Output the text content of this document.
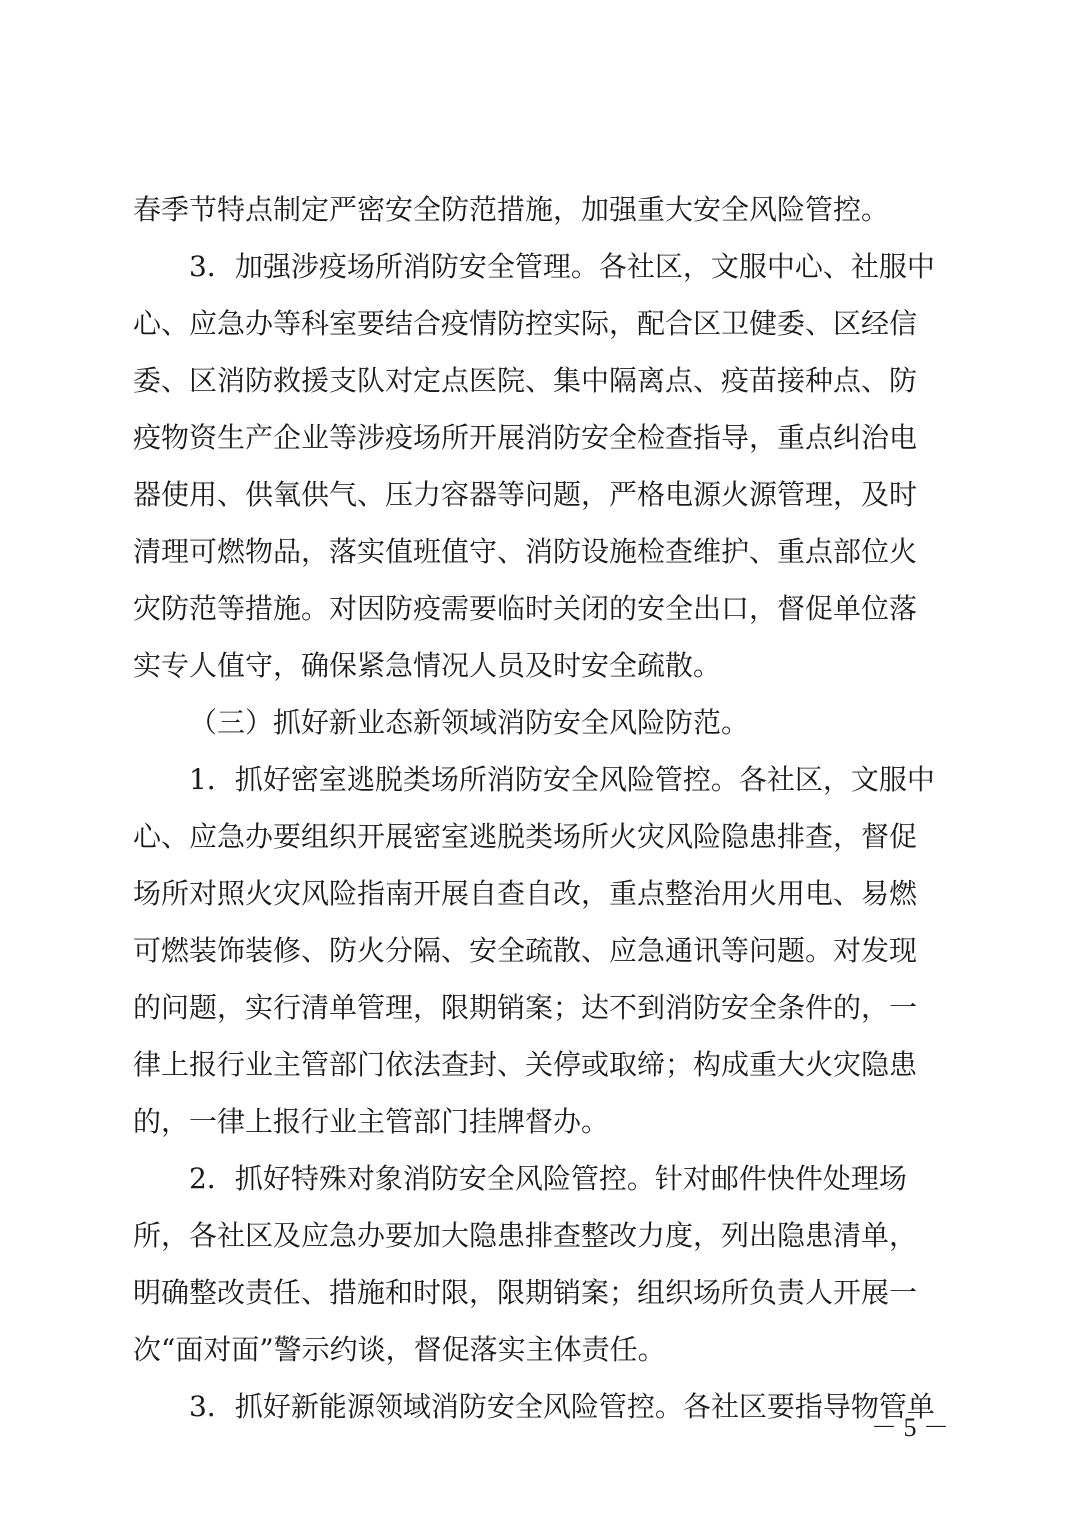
春季节特点制定严密安全防范措施，加强重大安全风险管控。
3．加强涉疫场所消防安全管理。各社区，文服中心、社服中
心、应急办等科室要结合疫情防控实际，配合区卫健委、区经信
委、区消防救援支队对定点医院、集中隔离点、疫苗接种点、防
疫物资生产企业等涉疫场所开展消防安全检查指导，重点纠治电
器使用、供氧供气、压力容器等问题，严格电源火源管理，及时
清理可燃物品，落实值班值守、消防设施检查维护、重点部位火
灾防范等措施。对因防疫需要临时关闭的安全出口，督促单位落
实专人值守，确保紧急情况人员及时安全疏散。
（三）抓好新业态新领域消防安全风险防范。
1．抓好密室逃脱类场所消防安全风险管控。各社区，文服中
心、应急办要组织开展密室逃脱类场所火灾风险隐患排查，督促
场所对照火灾风险指南开展自查自改，重点整治用火用电、易燃
可燃装饰装修、防火分隔、安全疏散、应急通讯等问题。对发现
的问题，实行清单管理，限期销案；达不到消防安全条件的，一
律上报行业主管部门依法查封、关停或取缔；构成重大火灾隐患
的，一律上报行业主管部门挂牌督办。
2．抓好特殊对象消防安全风险管控。针对邮件快件处理场
所，各社区及应急办要加大隐患排查整改力度，列出隐患清单，
明确整改责任、措施和时限，限期销案；组织场所负责人开展一
次“面对面”警示约谈，督促落实主体责任。
3．抓好新能源领域消防安全风险管控。各社区要指导物管单
－ 5 －
